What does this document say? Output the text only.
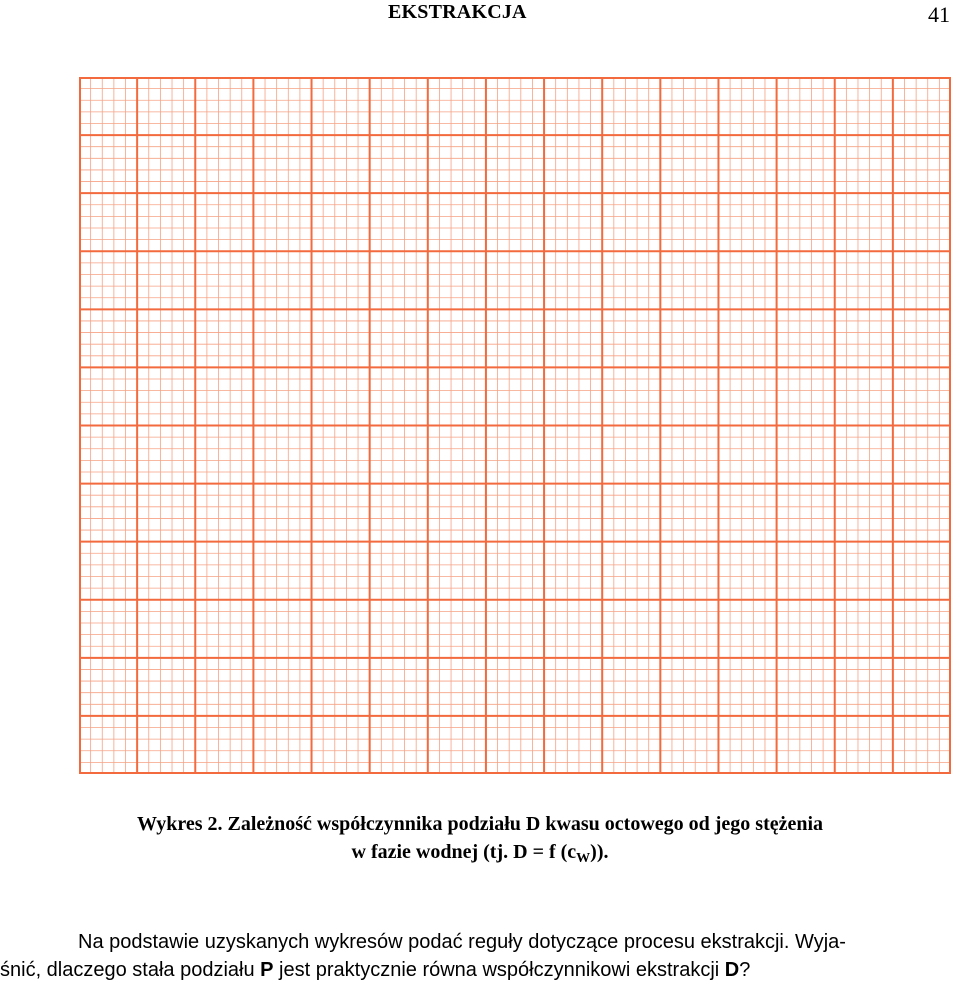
EKSTRAKCJA	41
Wykres 2. Zależność współczynnika podziału D kwasu octowego od jego stężenia
w fazie wodnej (tj. D = f $(c_W)$).
Na podstawie uzyskanych wykresów podać reguły dotyczące procesu ekstrakcji. Wyja-
śnić, dlaczego stała podziału P jest praktycznie równa współczynnikowi ekstrakcji D?
